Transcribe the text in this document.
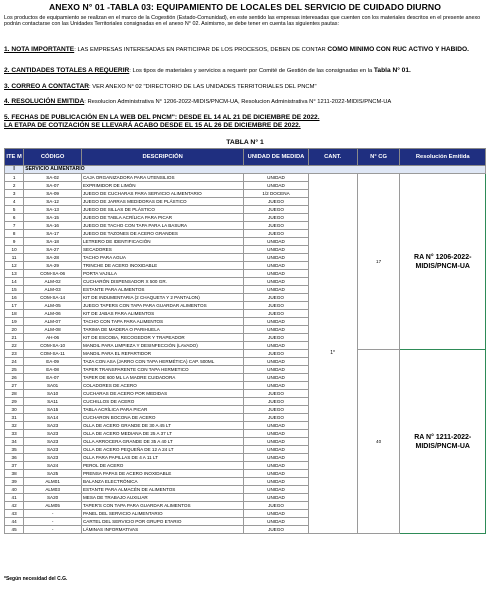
ANEXO N° 01 -TABLA 03: EQUIPAMIENTO DE LOCALES DEL SERVICIO DE CUIDADO DIURNO
Los productos de equipamiento se realizan en el marco de la Cogestión (Estado-Comunidad), en este sentido las empresas interesadas que cuenten con los materiales descritos en el presente anexo podrán contactarse con las Unidades Territoriales consignadas en el anexo N° 02. Asimismo, se debe tener en cuenta las siguientes pautas:
1. NOTA IMPORTANTE: LAS EMPRESAS INTERESADAS EN PARTICIPAR DE LOS PROCESOS, DEBEN DE CONTAR COMO MINIMO CON RUC ACTIVO Y HABIDO.
2. CANTIDADES TOTALES A REQUERIR: Los tipos de materiales y servicios a requerir por Comité de Gestión de las consignadas en la Tabla N° 01.
3. CORREO A CONTACTAR: VER ANEXO N° 02 "DIRECTORIO DE LAS UNIDADES TERRITORIALES DEL PNCM"
4. RESOLUCIÓN EMITIDA: Resolucion Administrativa N° 1206-2022-MIDIS/PNCM-UA, Resolucion Administrativa N° 1211-2022-MIDIS/PNCM-UA
5. FECHAS DE PUBLICACIÓN EN LA WEB DEL PNCM": DESDE EL 14 AL 21 DE DICIEMBRE DE 2022.
LA ETAPA DE COTIZACIÓN SE LLEVARÁ ACABO DESDE EL 15 AL 26 DE DICIEMBRE DE 2022.
TABLA N° 1
ITE M	CÓDIGO	DESCRIPCIÓN	UNIDAD DE MEDIDA	CANT.	N° CG	Resolución Emitida
I	SERVICIO ALIMENTARIO					
1	SA-02	CAJA ORGANIZADORA PARA UTENSILIOS	UNIDAD	1*	17	RA N° 1206-2022-MIDIS/PNCM-UA
2	SA-07	EXPRIMIDOR DE LIMÓN	UNIDAD			
3	SA-09	JUEGO DE CUCHARAS PARA SERVICIO ALIMENTARIO	1/2 DOCENA			
4	SA-12	JUEGO DE JARRAS MEDIDORAS DE PLÁSTICO	JUEGO			
5	SA-13	JUEGO DE SILLAS DE PLÁSTICO	JUEGO			
6	SA-15	JUEGO DE TABLA ACRÍLICA PARA PICAR	JUEGO			
7	SA-16	JUEGO DE TACHO CON TAPA PARA LA BASURA	JUEGO			
8	SA-17	JUEGO DE TAZONES DE ACERO GRANDES	JUEGO			
9	SA-18	LETRERO DE IDENTIFICACIÓN	UNIDAD			
10	SA-27	SECADORES	UNIDAD			
11	SA-28	TACHO PARA AGUA	UNIDAD			
12	SA-29	TRINCHE DE ACERO INOXIDABLE	UNIDAD			
13	COM-SA-06	PORTA VAJILLA	UNIDAD			
14	ALM-02	CUCHARÓN DISPENSADOR X 500 GR.	UNIDAD			
15	ALM-03	ESTANTE PARA ALIMENTOS	UNIDAD			
16	COM-SA-14	KIT DE INDUMENTARIA (2 CHAQUETA Y 2 PANTALON)	JUEGO			
17	ALM-05	JUEGO TAPERS CON TAPA PARA GUARDAR ALIMENTOS	JUEGO			
18	ALM-06	KIT DE JABAS PARA ALIMENTOS	JUEGO			
19	ALM-07	TACHO CON TAPA PARA ALIMENTOS	UNIDAD			
20	ALM-08	TARIMA DE MADERA O PARIHUELA	UNIDAD			
21	AH-06	KIT DE ESCOBA, RECOGEDOR Y TRAPEADOR	JUEGO			
22	COM-SA-10	MANDIL PARA LIMPIEZA Y DESINFECCIÓN (LAVADO)	UNIDAD			
23	COM-SA-11	MANDIL PARA EL REPARTIDOR	JUEGO		40	RA N° 1211-2022-MIDIS/PNCM-UA
24	EA-09	TAZA CON ASA (JARRO CON TAPA HERMÉTICA) CAP. 500ML	UNIDAD			
25	EA-08	TAPER TRANSPARENTE CON TAPA HERMETICO	UNIDAD			
26	EA-07	TAPER DE 600 ML LA MADRE CUIDADORA	UNIDAD			
27	SA01	COLADORES DE ACERO	UNIDAD			
28	SA10	CUCHARAS DE ACERO POR MEDIDAS	JUEGO			
29	SA11	CUCHILLOS DE ACERO	JUEGO			
30	SA15	TABLA ACRÍLICA PARA PICAR	JUEGO			
31	SA14	CUCHARON BOCONA DE ACERO	JUEGO			
32	SA23	OLLA DE ACERO GRANDE DE 30 A 45 LT	UNIDAD			
33	SA23	OLLA DE ACERO MEDIANA DE 25 A 37 LT	UNIDAD			
34	SA23	OLLA ARROCERA GRANDE DE 35 A 40 LT	UNIDAD			
35	SA23	OLLA DE ACERO PEQUEÑA DE 12 A 24 LT	UNIDAD			
36	SA23	OLLA PARA PAPILLAS DE 4 A 11 LT	UNIDAD			
37	SA24	PEROL DE ACERO	UNIDAD			
38	SA25	PRENSA PAPAS DE ACERO INOXIDABLE	UNIDAD			
39	ALM01	BALANZA ELECTRÓNICA	UNIDAD			
40	ALM03	ESTANTE PARA ALMACÉN DE ALIMENTOS	UNIDAD			
41	SA20	MESA DE TRABAJO AUXILIAR	UNIDAD			
42	ALM05	TAPER'S CON TAPA PARA GUARDAR ALIMENTOS	JUEGO			
43	-	PANEL DEL SERVICIO ALIMENTARIO	UNIDAD			
44	-	CARTEL DEL SERVICIO POR GRUPO ETARIO	UNIDAD			
45	-	LÁMINAS INFORMATIVAS	JUEGO			
*Según necesidad del C.G.
